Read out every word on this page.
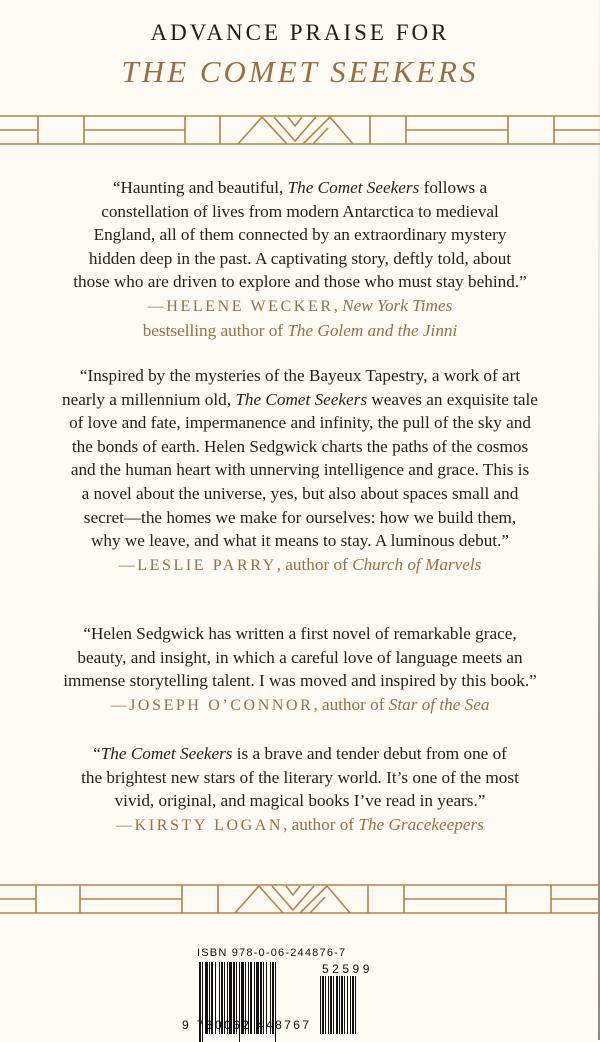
ADVANCE PRAISE FOR
THE COMET SEEKERS
“Haunting and beautiful, The Comet Seekers follows a
constellation of lives from modern Antarctica to medieval
England, all of them connected by an extraordinary mystery
hidden deep in the past. A captivating story, deftly told, about
those who are driven to explore and those who must stay behind.”
—HELENE WECKER, New York Times
bestselling author of The Golem and the Jinni
“Inspired by the mysteries of the Bayeux Tapestry, a work of art
nearly a millennium old, The Comet Seekers weaves an exquisite tale
of love and fate, impermanence and infinity, the pull of the sky and
the bonds of earth. Helen Sedgwick charts the paths of the cosmos
and the human heart with unnerving intelligence and grace. This is
a novel about the universe, yes, but also about spaces small and
secret—the homes we make for ourselves: how we build them,
why we leave, and what it means to stay. A luminous debut.”
—LESLIE PARRY, author of Church of Marvels
“Helen Sedgwick has written a first novel of remarkable grace,
beauty, and insight, in which a careful love of language meets an
immense storytelling talent. I was moved and inspired by this book.”
—JOSEPH O’CONNOR, author of Star of the Sea
“The Comet Seekers is a brave and tender debut from one of
the brightest new stars of the literary world. It’s one of the most
vivid, original, and magical books I’ve read in years.”
—KIRSTY LOGAN, author of The Gracekeepers
ISBN 978-0-06-244876-7
9 780062 448767
52599
